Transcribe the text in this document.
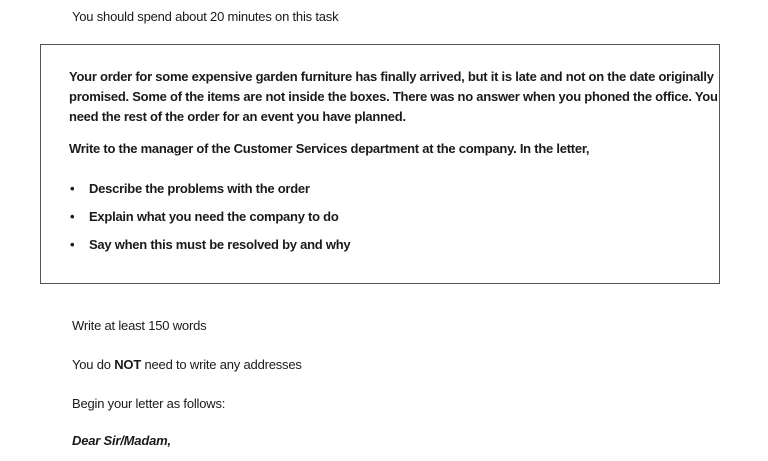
You should spend about 20 minutes on this task

Your order for some expensive garden furniture has finally arrived, but it is late and not on the date originally promised. Some of the items are not inside the boxes. There was no answer when you phoned the office. You need the rest of the order for an event you have planned.

Write to the manager of the Customer Services department at the company. In the letter,

• Describe the problems with the order
• Explain what you need the company to do
• Say when this must be resolved by and why
Write at least 150 words
You do NOT need to write any addresses
Begin your letter as follows:
Dear Sir/Madam,
